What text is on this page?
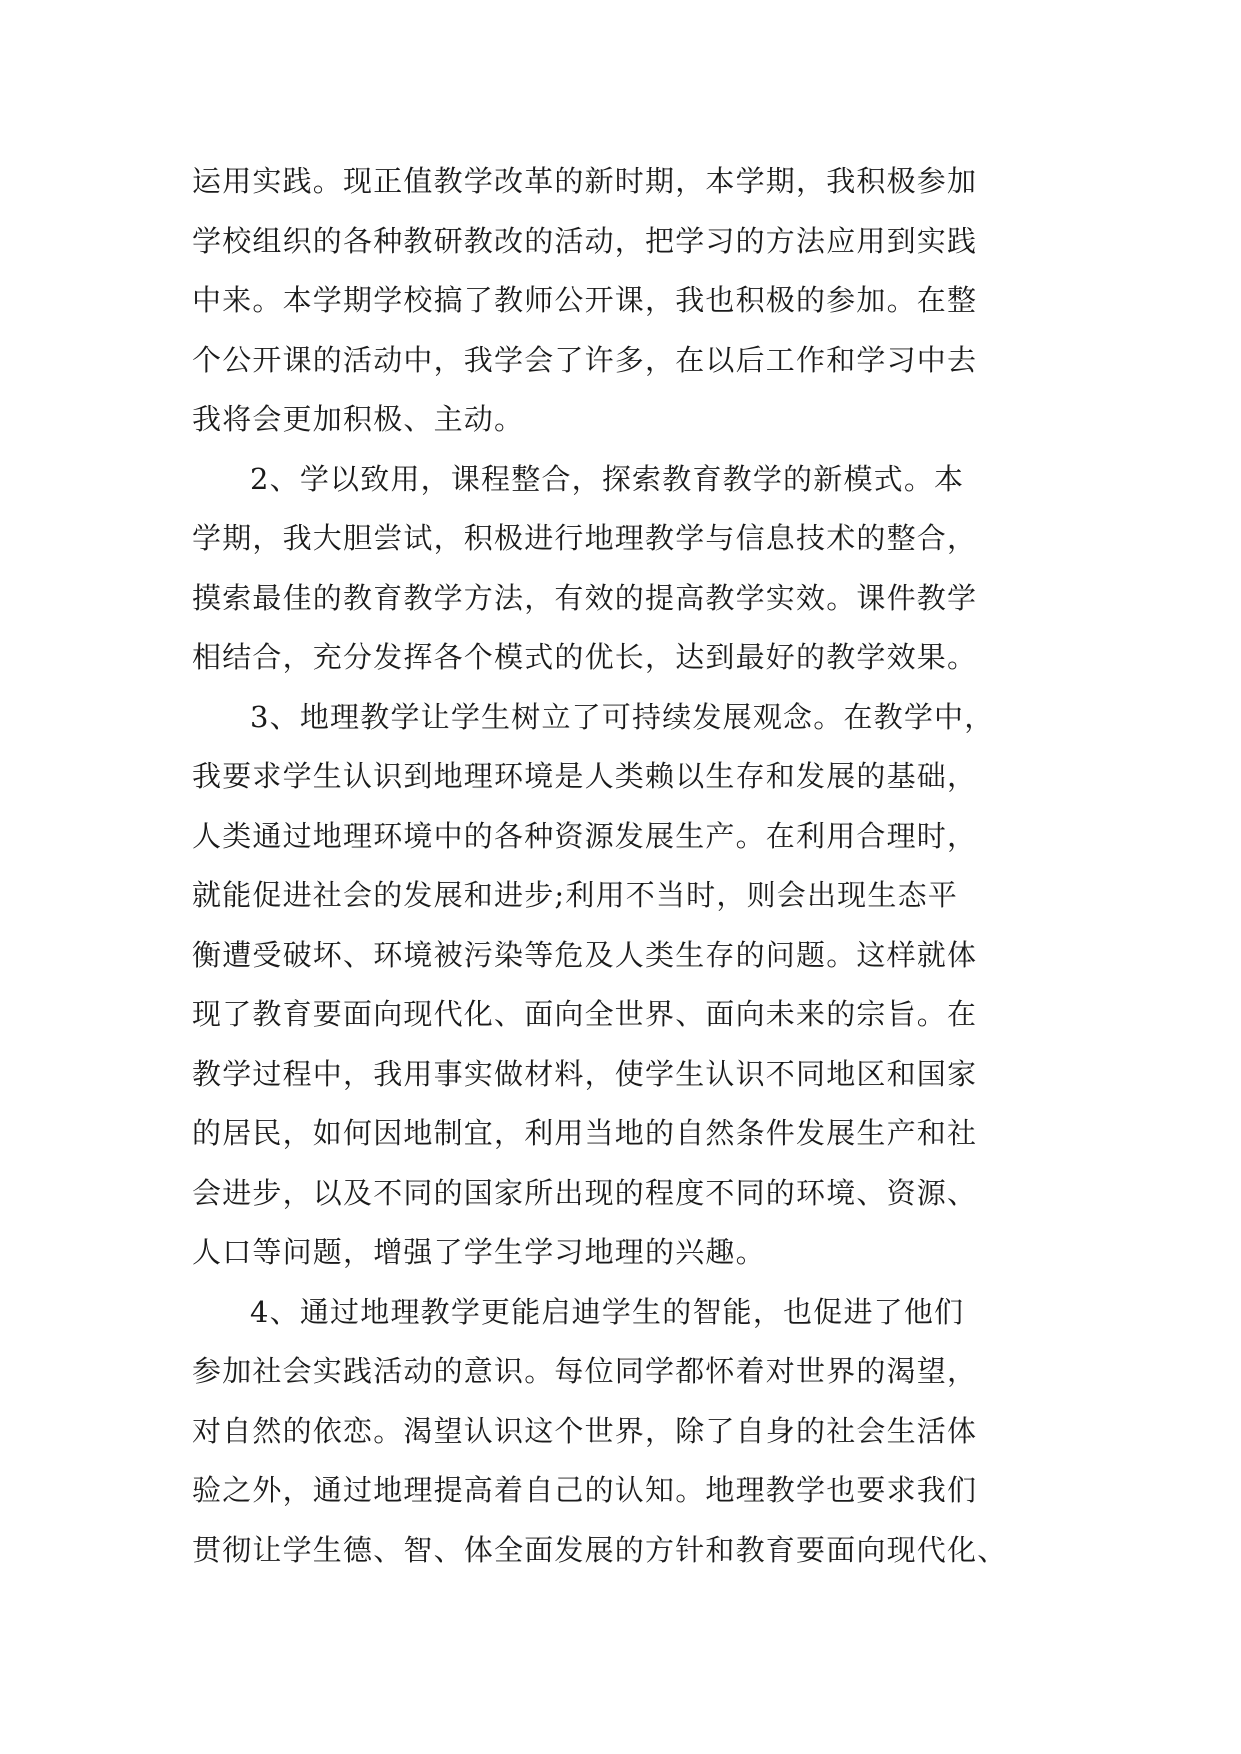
运用实践。现正值教学改革的新时期，本学期，我积极参加
学校组织的各种教研教改的活动，把学习的方法应用到实践
中来。本学期学校搞了教师公开课，我也积极的参加。在整
个公开课的活动中，我学会了许多，在以后工作和学习中去
我将会更加积极、主动。
2、学以致用，课程整合，探索教育教学的新模式。本
学期，我大胆尝试，积极进行地理教学与信息技术的整合，
摸索最佳的教育教学方法，有效的提高教学实效。课件教学
相结合，充分发挥各个模式的优长，达到最好的教学效果。
3、地理教学让学生树立了可持续发展观念。在教学中，
我要求学生认识到地理环境是人类赖以生存和发展的基础，
人类通过地理环境中的各种资源发展生产。在利用合理时，
就能促进社会的发展和进步;利用不当时，则会出现生态平
衡遭受破坏、环境被污染等危及人类生存的问题。这样就体
现了教育要面向现代化、面向全世界、面向未来的宗旨。在
教学过程中，我用事实做材料，使学生认识不同地区和国家
的居民，如何因地制宜，利用当地的自然条件发展生产和社
会进步，以及不同的国家所出现的程度不同的环境、资源、
人口等问题，增强了学生学习地理的兴趣。
4、通过地理教学更能启迪学生的智能，也促进了他们
参加社会实践活动的意识。每位同学都怀着对世界的渴望，
对自然的依恋。渴望认识这个世界，除了自身的社会生活体
验之外，通过地理提高着自己的认知。地理教学也要求我们
贯彻让学生德、智、体全面发展的方针和教育要面向现代化、
